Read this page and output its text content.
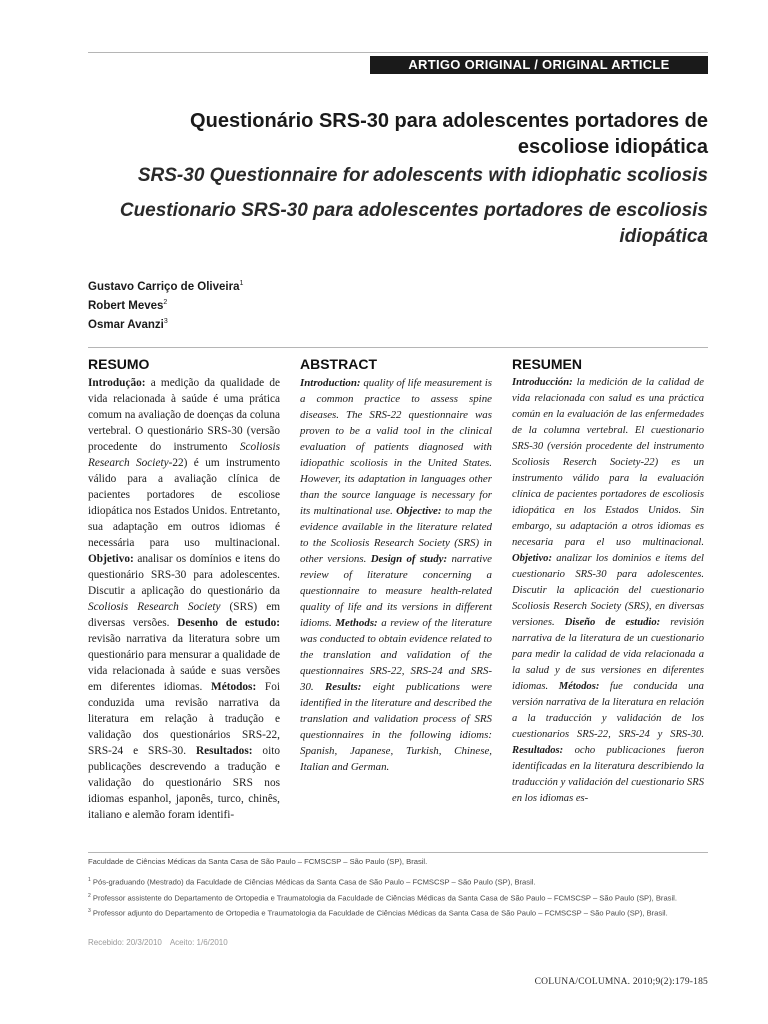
ARTIGO ORIGINAL / ORIGINAL ARTICLE
Questionário SRS-30 para adolescentes portadores de escoliose idiopática
SRS-30 Questionnaire for adolescents with idiophatic scoliosis
Cuestionario SRS-30 para adolescentes portadores de escoliosis idiopática
Gustavo Carriço de Oliveira$^1$
Robert Meves$^2$
Osmar Avanzi$^3$
RESUMO

Introdução: a medição da qualidade de vida relacionada à saúde é uma prática comum na avaliação de doenças da coluna vertebral. O questionário SRS-30 (versão procedente do instrumento Scoliosis Research Society-22) é um instrumento válido para a avaliação clínica de pacientes portadores de escoliose idiopática nos Estados Unidos. Entretanto, sua adaptação em outros idiomas é necessária para uso multinacional. Objetivo: analisar os domínios e itens do questionário SRS-30 para adolescentes. Discutir a aplicação do questionário da Scoliosis Research Society (SRS) em diversas versões. Desenho de estudo: revisão narrativa da literatura sobre um questionário para mensurar a qualidade de vida relacionada à saúde e suas versões em diferentes idiomas. Métodos: Foi conduzida uma revisão narrativa da literatura em relação à tradução e validação dos questionários SRS-22, SRS-24 e SRS-30. Resultados: oito publicações descrevendo a tradução e validação do questionário SRS nos idiomas espanhol, japonês, turco, chinês, italiano e alemão foram identifi-

ABSTRACT

Introduction: quality of life measurement is a common practice to assess spine diseases. The SRS-22 questionnaire was proven to be a valid tool in the clinical evaluation of patients diagnosed with idiopathic scoliosis in the United States. However, its adaptation in languages other than the source language is necessary for its multinational use. Objective: to map the evidence available in the literature related to the Scoliosis Research Society (SRS) in other versions. Design of study: narrative review of literature concerning a questionnaire to measure health-related quality of life and its versions in different idioms. Methods: a review of the literature was conducted to obtain evidence related to the translation and validation of the questionnaires SRS-22, SRS-24 and SRS-30. Results: eight publications were identified in the literature and described the translation and validation process of SRS questionnaires in the following idioms: Spanish, Japanese, Turkish, Chinese, Italian and German.

RESUMEN

Introducción: la medición de la calidad de vida relacionada con salud es una práctica común en la evaluación de las enfermedades de la columna vertebral. El cuestionario SRS-30 (versión procedente del instrumento Scoliosis Reserch Society-22) es un instrumento válido para la evaluación clínica de pacientes portadores de escoliosis idiopática en los Estados Unidos. Sin embargo, su adaptación a otros idiomas es necesaria para el uso multinacional. Objetivo: analizar los dominios e ítems del cuestionario SRS-30 para adolescentes. Discutir la aplicación del cuestionario Scoliosis Reserch Society (SRS), en diversas versiones. Diseño de estudio: revisión narrativa de la literatura de un cuestionario para medir la calidad de vida relacionada a la salud y de sus versiones en diferentes idiomas. Métodos: fue conducida una versión narrativa de la literatura en relación a la traducción y validación de los cuestionarios SRS-22, SRS-24 y SRS-30. Resultados: ocho publicaciones fueron identificadas en la literatura describiendo la traducción y validación del cuestionario SRS en los idiomas es-

Faculdade de Ciências Médicas da Santa Casa de São Paulo – FCMSCSP – São Paulo (SP), Brasil.
$^1$ Pós-graduando (Mestrado) da Faculdade de Ciências Médicas da Santa Casa de São Paulo – FCMSCSP – São Paulo (SP), Brasil.
$^2$ Professor assistente do Departamento de Ortopedia e Traumatologia da Faculdade de Ciências Médicas da Santa Casa de São Paulo – FCMSCSP – São Paulo (SP), Brasil.
$^3$ Professor adjunto do Departamento de Ortopedia e Traumatologia da Faculdade de Ciências Médicas da Santa Casa de São Paulo – FCMSCSP – São Paulo (SP), Brasil.
Recebido: 20/3/2010 Aceito: 1/6/2010
COLUNA/COLUMNA. 2010;9(2):179-185
